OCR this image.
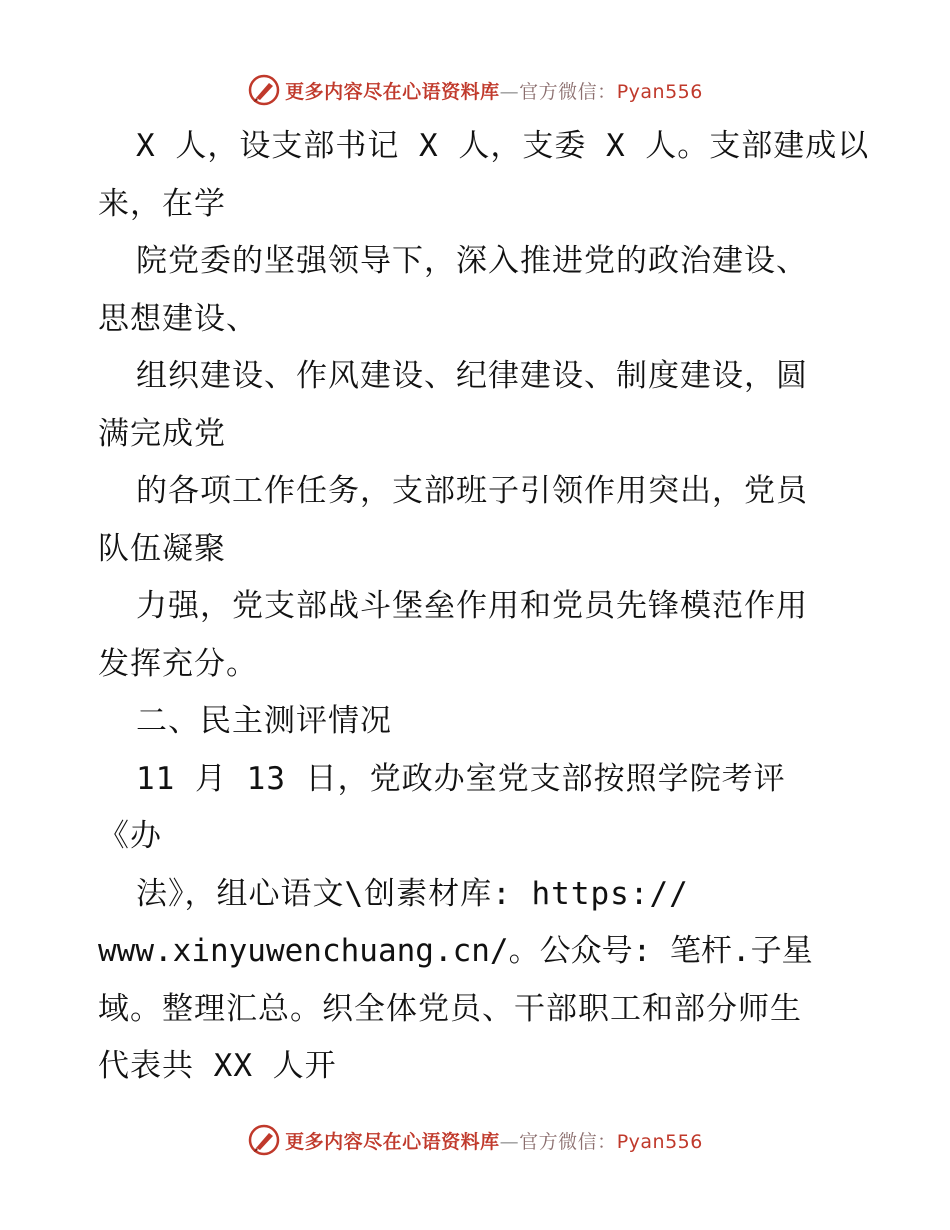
更多内容尽在心语资料库—官方微信：Pyan556
X 人，设支部书记 X 人，支委 X 人。支部建成以
来，在学
院党委的坚强领导下，深入推进党的政治建设、
思想建设、
组织建设、作风建设、纪律建设、制度建设，圆
满完成党
的各项工作任务，支部班子引领作用突出，党员
队伍凝聚
力强，党支部战斗堡垒作用和党员先锋模范作用
发挥充分。
二、民主测评情况
11 月 13 日，党政办室党支部按照学院考评
《办
法》，组心语文\创素材库: https://
www.xinyuwenchuang.cn/。公众号: 笔杆.子星
域。整理汇总。织全体党员、干部职工和部分师生
代表共 XX 人开
更多内容尽在心语资料库—官方微信：Pyan556
